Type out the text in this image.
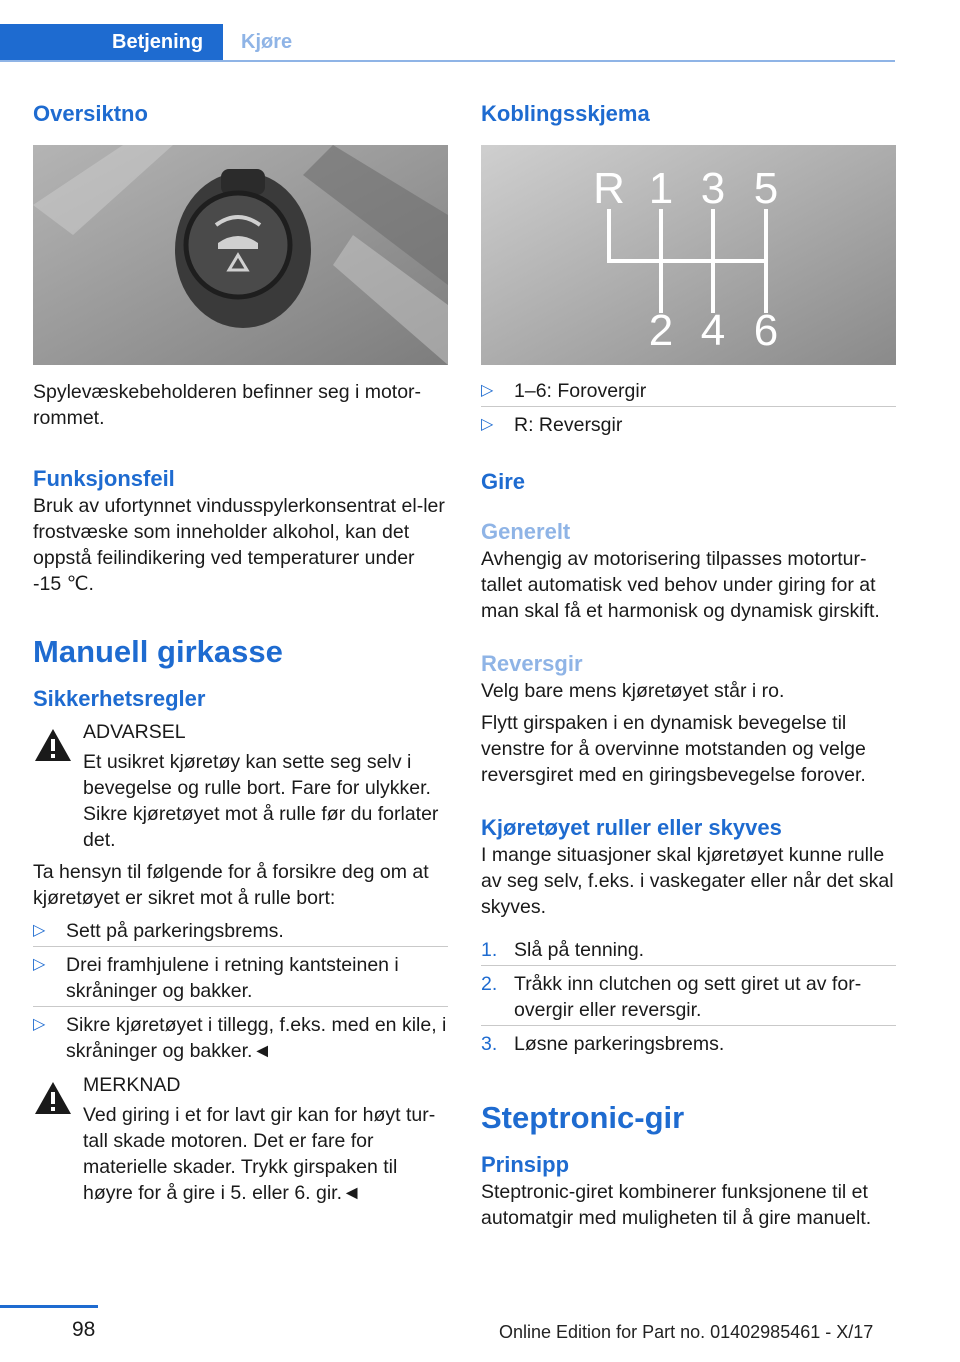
Betjening Kjøre
Oversiktno

Spylevæskebeholderen befinner seg i motor-rommet.

Funksjonsfeil

Bruk av ufortynnet vindusspylerkonsentrat el-ler frostvæske som inneholder alkohol, kan det oppstå feilindikering ved temperaturer under -15 ℃.

Manuell girkasse
Sikkerhetsregler

ADVARSEL

Et usikret kjøretøy kan sette seg selv i bevegelse og rulle bort. Fare for ulykker. Sikre kjøretøyet mot å rulle før du forlater det.

Ta hensyn til følgende for å forsikre deg om at kjøretøyet er sikret mot å rulle bort:

▷ Sett på parkeringsbrems.
▷ Drei framhjulene i retning kantsteinen i skråninger og bakker.
▷ Sikre kjøretøyet i tillegg, f.eks. med en kile, i skråninger og bakker.◄

MERKNAD

Ved giring i et for lavt gir kan for høyt tur-tall skade motoren. Det er fare for materielle skader. Trykk girspaken til høyre for å gire i 5. eller 6. gir.◄

Koblingsskjema
R 1 3 5
2 4 6
▷ 1–6: Forovergir
▷ R: Reversgir
Gire
Generelt

Avhengig av motorisering tilpasses motortur-tallet automatisk ved behov under giring for at man skal få et harmonisk og dynamisk girskift.

Reversgir

Velg bare mens kjøretøyet står i ro.

Flytt girspaken i en dynamisk bevegelse til venstre for å overvinne motstanden og velge reversgiret med en giringsbevegelse forover.

Kjøretøyet ruller eller skyves

I mange situasjoner skal kjøretøyet kunne rulle av seg selv, f.eks. i vaskegater eller når det skal skyves.

1. Slå på tenning.
2. Tråkk inn clutchen og sett giret ut av for-overgir eller reversgir.
3. Løsne parkeringsbrems.
Steptronic-gir
Prinsipp

Steptronic-giret kombinerer funksjonene til et automatgir med muligheten til å gire manuelt.

98	Online Edition for Part no. 01402985461 - X/17
